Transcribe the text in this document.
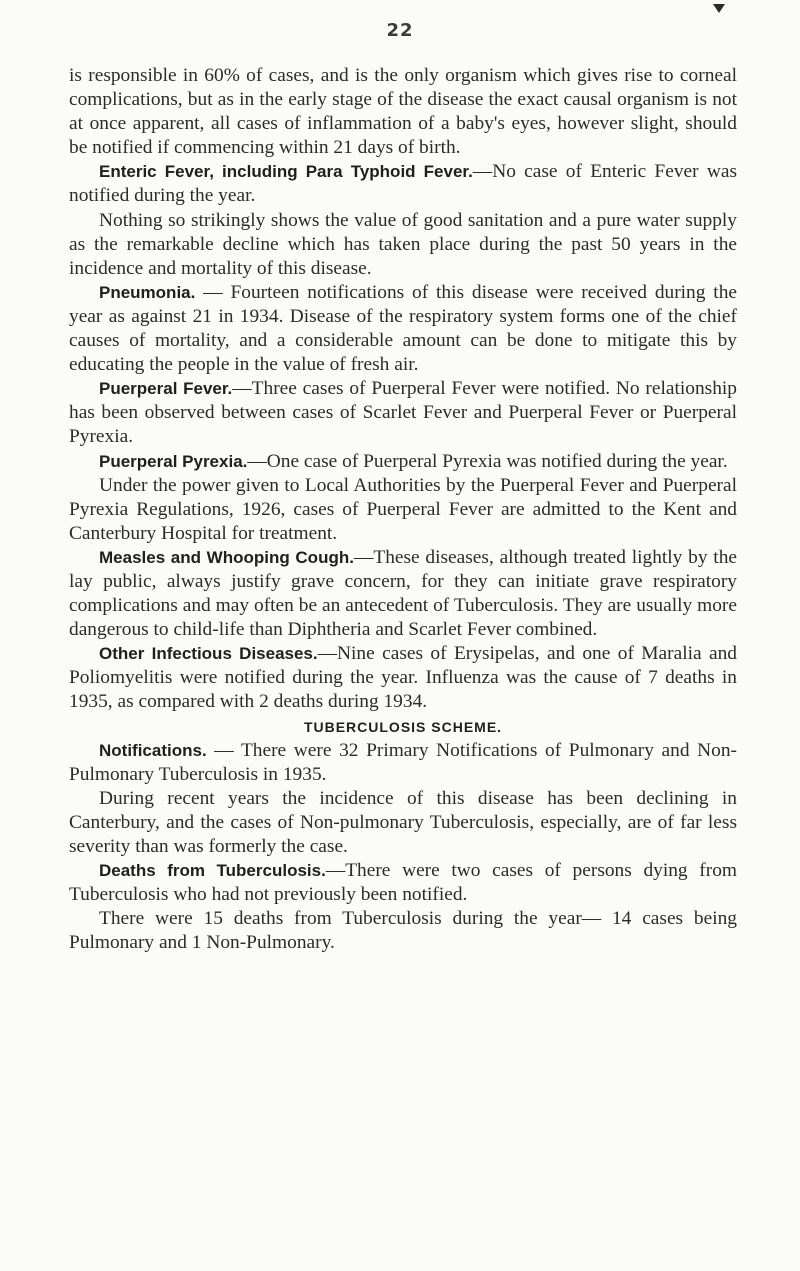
22

is responsible in 60% of cases, and is the only organism which gives rise to corneal complications, but as in the early stage of the disease the exact causal organism is not at once apparent, all cases of inflammation of a baby's eyes, however slight, should be notified if commencing within 21 days of birth.

Enteric Fever, including Para Typhoid Fever.—No case of Enteric Fever was notified during the year.

Nothing so strikingly shows the value of good sanitation and a pure water supply as the remarkable decline which has taken place during the past 50 years in the incidence and mortality of this disease.

Pneumonia. — Fourteen notifications of this disease were received during the year as against 21 in 1934. Disease of the respiratory system forms one of the chief causes of mortality, and a considerable amount can be done to mitigate this by educating the people in the value of fresh air.

Puerperal Fever.—Three cases of Puerperal Fever were notified. No relationship has been observed between cases of Scarlet Fever and Puerperal Fever or Puerperal Pyrexia.

Puerperal Pyrexia.—One case of Puerperal Pyrexia was notified during the year.

Under the power given to Local Authorities by the Puerperal Fever and Puerperal Pyrexia Regulations, 1926, cases of Puerperal Fever are admitted to the Kent and Canterbury Hospital for treatment.

Measles and Whooping Cough.—These diseases, although treated lightly by the lay public, always justify grave concern, for they can initiate grave respiratory complications and may often be an antecedent of Tuberculosis. They are usually more dangerous to child-life than Diphtheria and Scarlet Fever combined.

Other Infectious Diseases.—Nine cases of Erysipelas, and one of Maralia and Poliomyelitis were notified during the year. Influenza was the cause of 7 deaths in 1935, as compared with 2 deaths during 1934.

TUBERCULOSIS SCHEME.

Notifications. — There were 32 Primary Notifications of Pulmonary and Non-Pulmonary Tuberculosis in 1935.

During recent years the incidence of this disease has been declining in Canterbury, and the cases of Non-pulmonary Tuberculosis, especially, are of far less severity than was formerly the case.

Deaths from Tuberculosis.—There were two cases of persons dying from Tuberculosis who had not previously been notified.

There were 15 deaths from Tuberculosis during the year— 14 cases being Pulmonary and 1 Non-Pulmonary.
